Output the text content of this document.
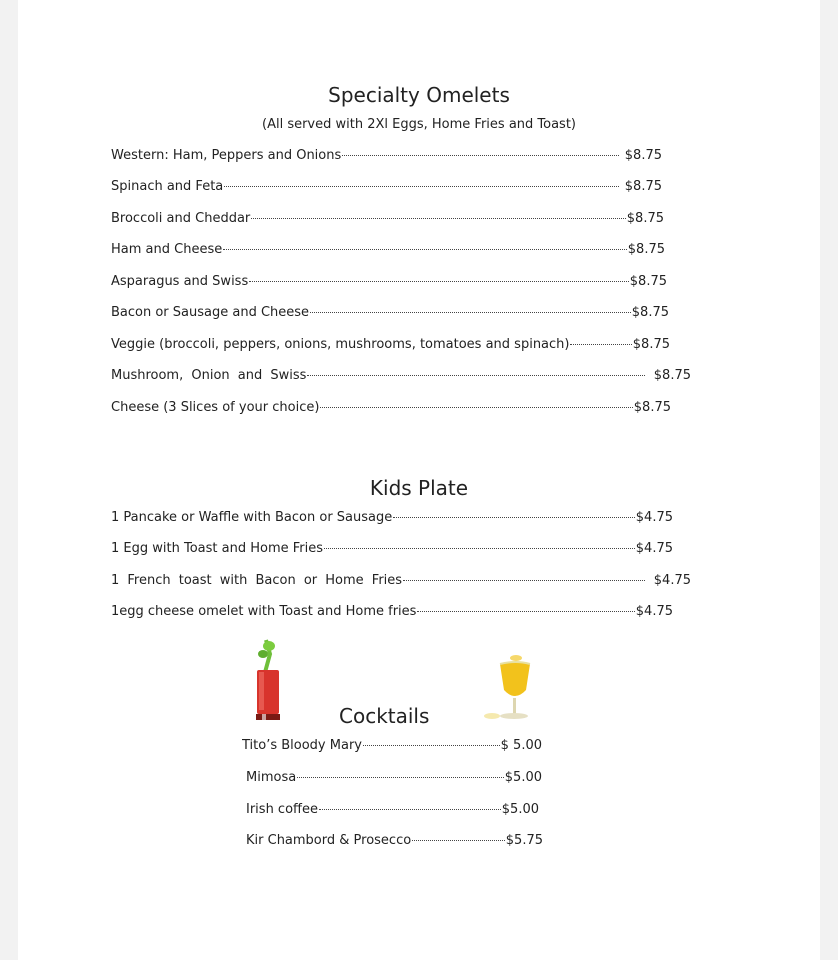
Specialty Omelets
(All served with 2Xl Eggs, Home Fries and Toast)
Western: Ham, Peppers and Onions	$8.75
Spinach and Feta	$8.75
Broccoli and Cheddar	$8.75
Ham and Cheese	$8.75
Asparagus and Swiss	$8.75
Bacon or Sausage and Cheese	$8.75
Veggie (broccoli, peppers, onions, mushrooms, tomatoes and spinach)	$8.75
Mushroom, Onion and Swiss	$8.75
Cheese (3 Slices of your choice)	$8.75
Kids Plate
1 Pancake or Waffle with Bacon or Sausage	$4.75
1 Egg with Toast and Home Fries	$4.75
1 French toast with Bacon or Home Fries	$4.75
1egg cheese omelet with Toast and Home fries	$4.75
Cocktails
Tito’s Bloody Mary	$ 5.00
Mimosa	$5.00
Irish coffee	$5.00
Kir Chambord & Prosecco	$5.75
